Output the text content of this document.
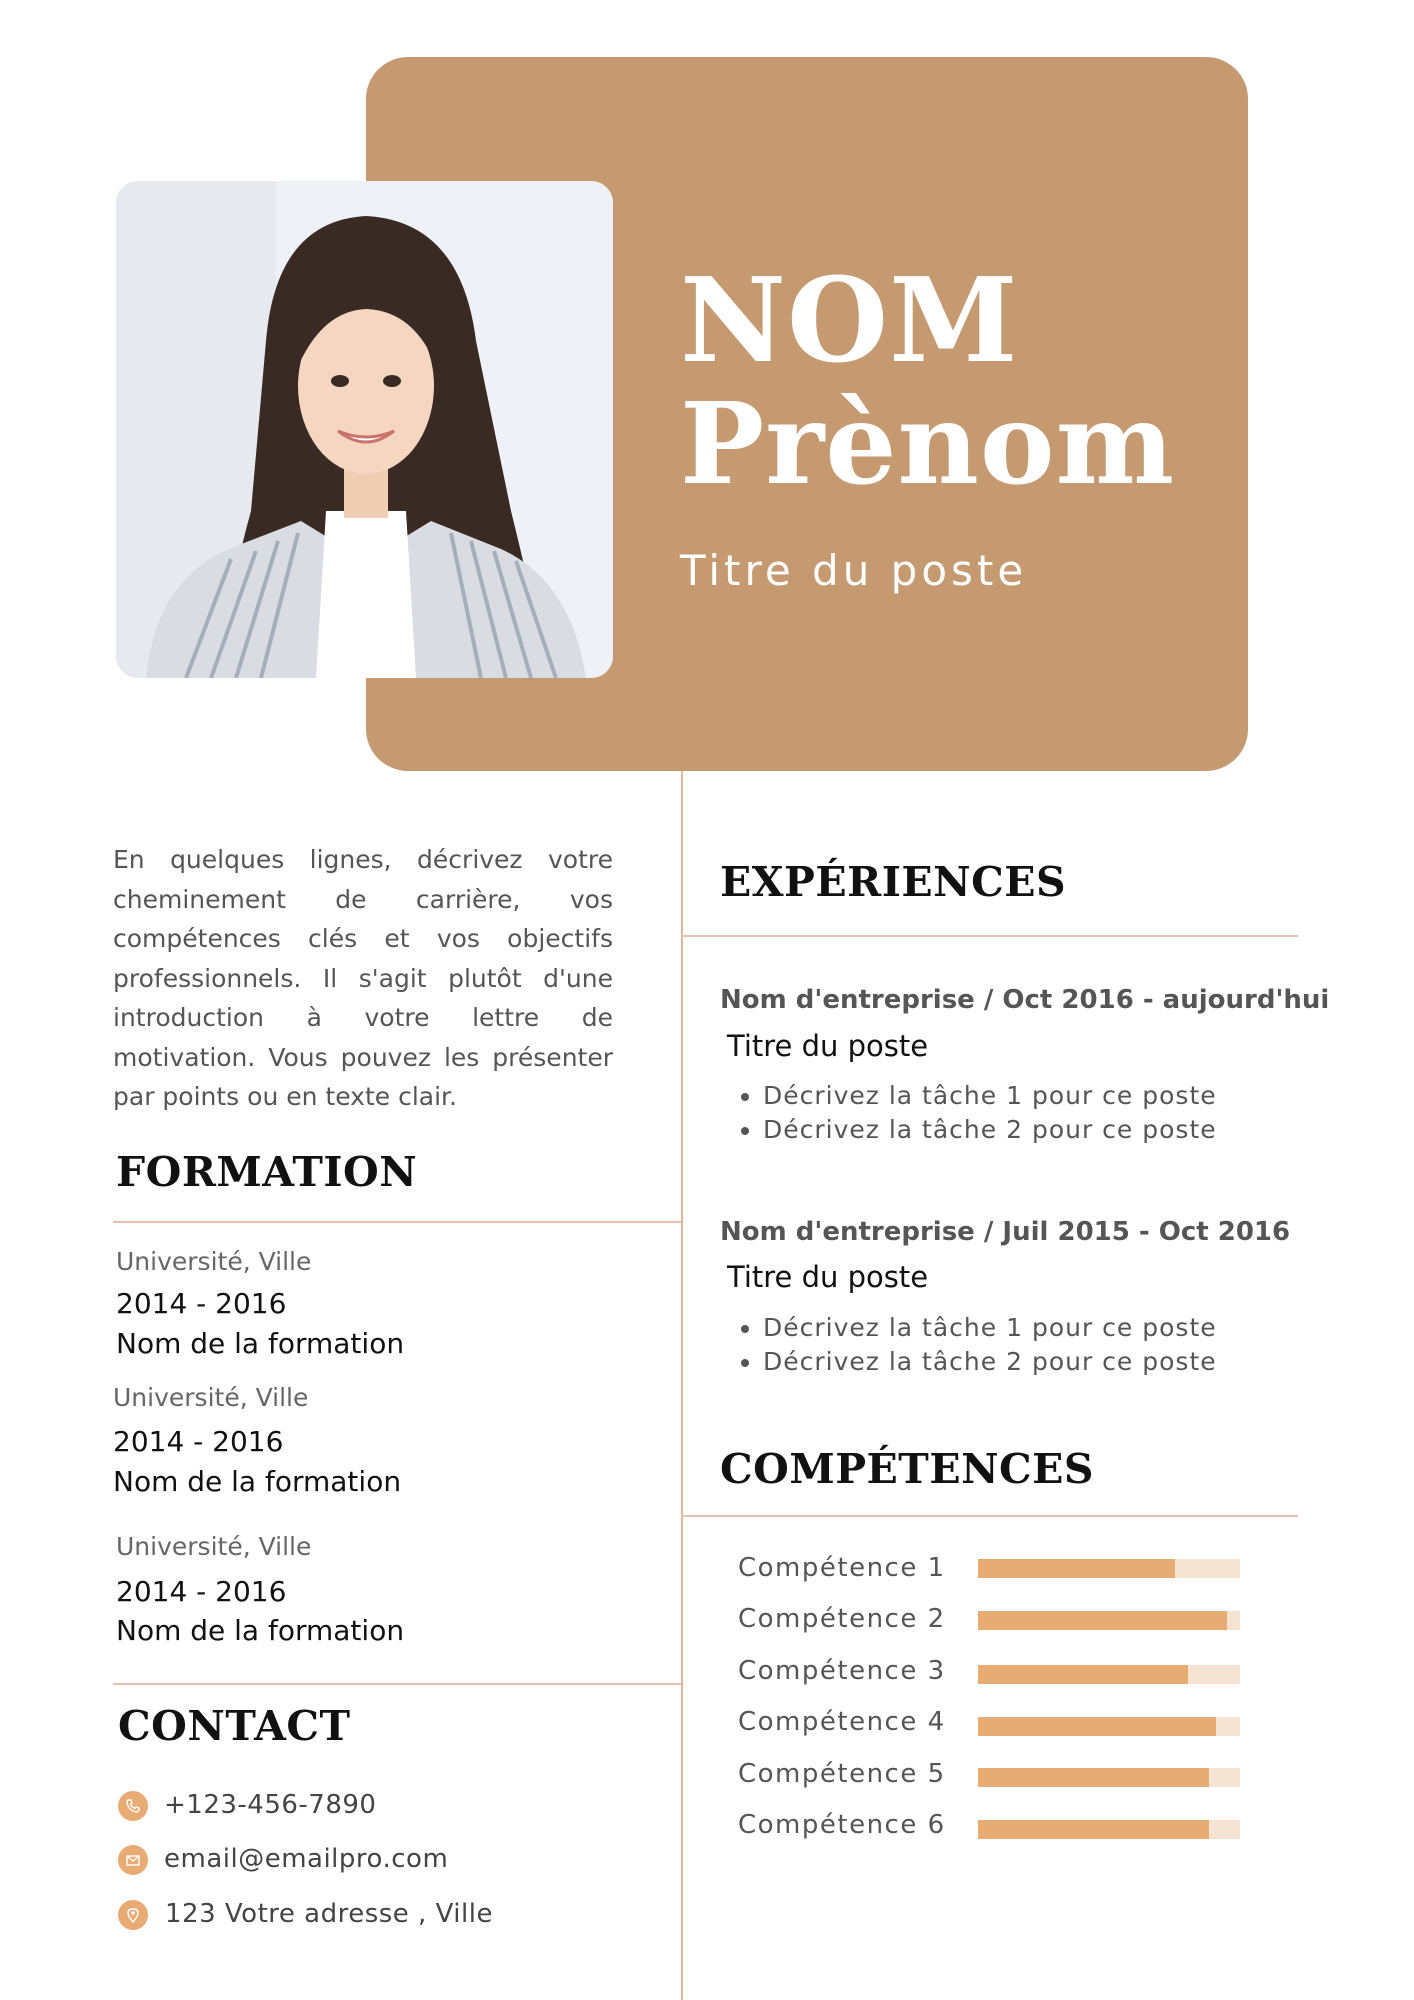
NOM
Prènom
Titre du poste
En quelques lignes, décrivez votre cheminement de carrière, vos compétences clés et vos objectifs professionnels. Il s'agit plutôt d'une introduction à votre lettre de motivation. Vous pouvez les présenter par points ou en texte clair.
FORMATION
Université, Ville
2014 - 2016
Nom de la formation
Université, Ville
2014 - 2016
Nom de la formation
Université, Ville
2014 - 2016
Nom de la formation
CONTACT
+123-456-7890
email@emailpro.com
123 Votre adresse , Ville
EXPÉRIENCES
Nom d'entreprise / Oct 2016 - aujourd'hui
Titre du poste
• Décrivez la tâche 1 pour ce poste
• Décrivez la tâche 2 pour ce poste
Nom d'entreprise / Juil 2015 - Oct 2016
Titre du poste
• Décrivez la tâche 1 pour ce poste
• Décrivez la tâche 2 pour ce poste
COMPÉTENCES
Compétence 1
Compétence 2
Compétence 3
Compétence 4
Compétence 5
Compétence 6
